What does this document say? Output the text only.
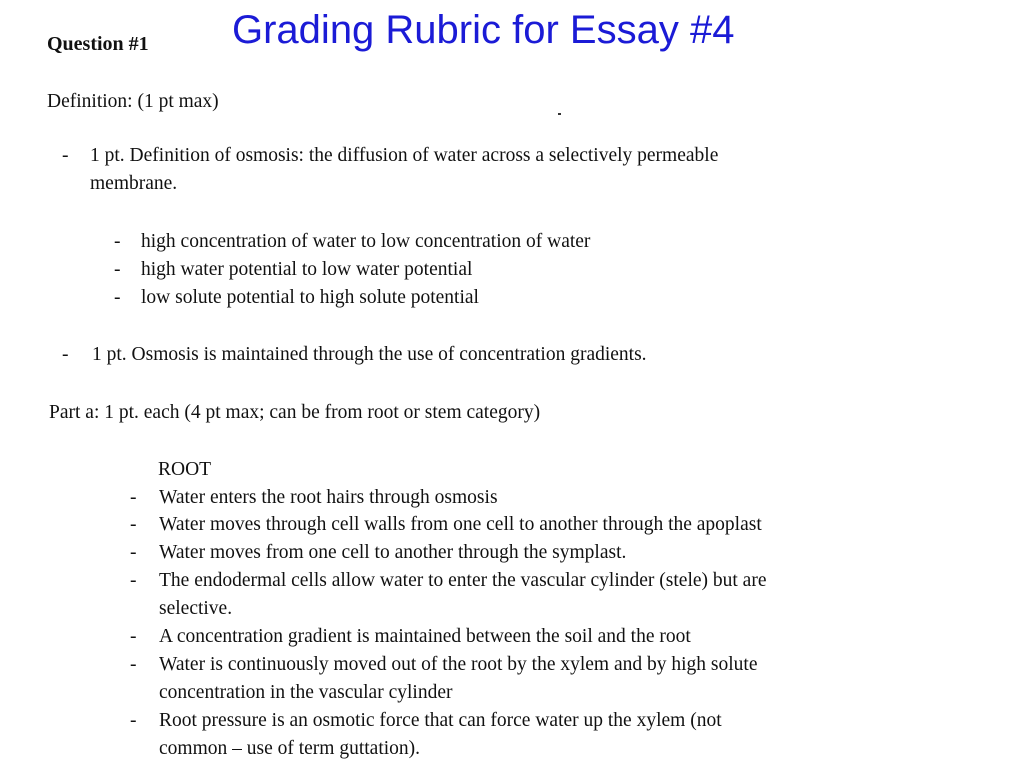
Grading Rubric for Essay #4
Question #1
Definition: (1 pt max)
-	1 pt. Definition of osmosis: the diffusion of water across a selectively permeable
membrane.
-	high concentration of water to low concentration of water
-	high water potential to low water potential
-	low solute potential to high solute potential
-	1 pt. Osmosis is maintained through the use of concentration gradients.
Part a: 1 pt. each (4 pt max; can be from root or stem category)
ROOT
-	Water enters the root hairs through osmosis
-	Water moves through cell walls from one cell to another through the apoplast
-	Water moves from one cell to another through the symplast.
-	The endodermal cells allow water to enter the vascular cylinder (stele) but are
selective.
-	A concentration gradient is maintained between the soil and the root
-	Water is continuously moved out of the root by the xylem and by high solute
concentration in the vascular cylinder
-	Root pressure is an osmotic force that can force water up the xylem (not
common – use of term guttation).
